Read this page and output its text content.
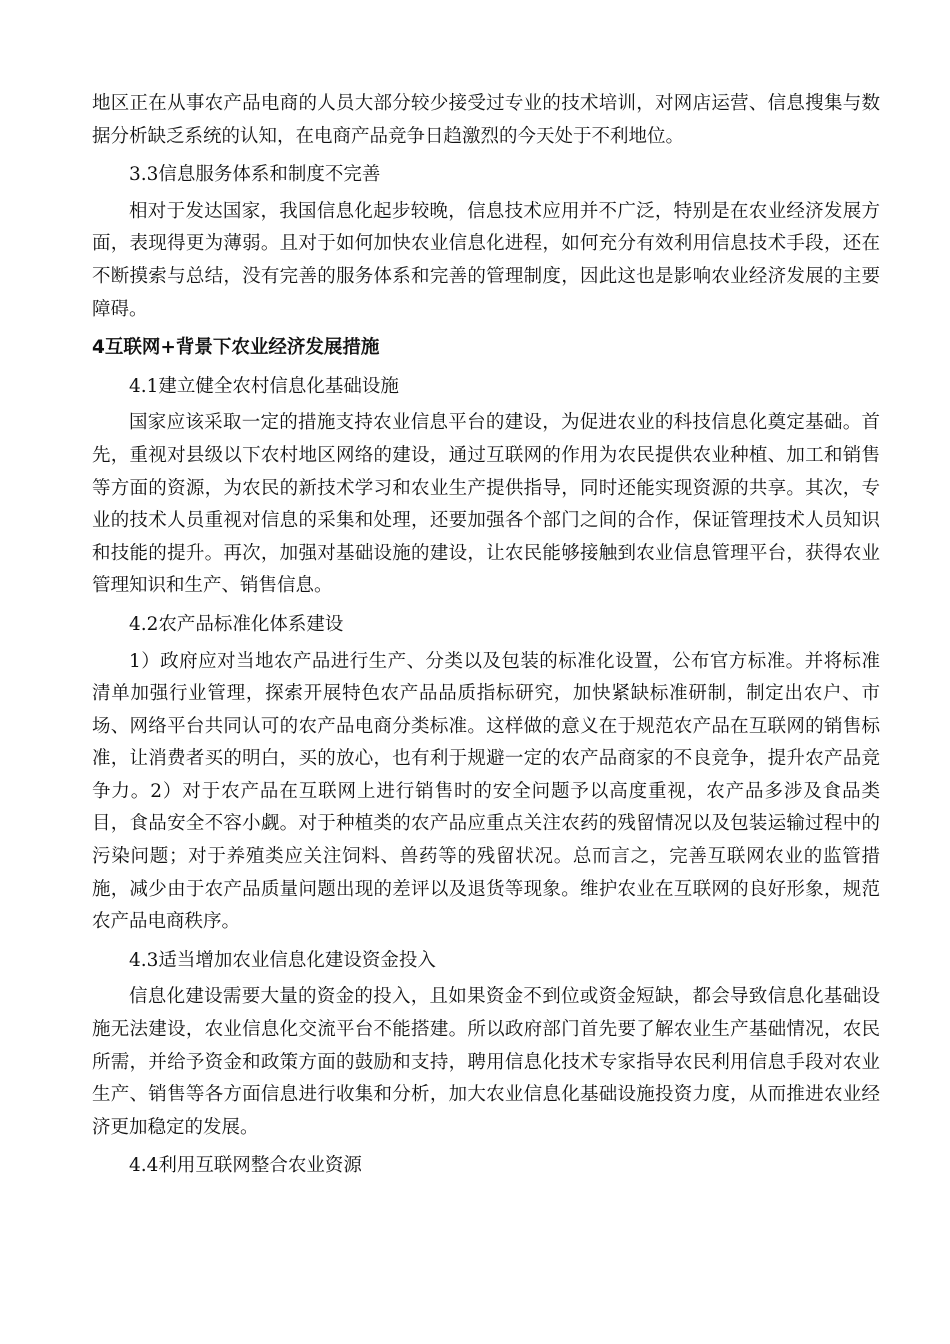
地区正在从事农产品电商的人员大部分较少接受过专业的技术培训，对网店运营、信息搜集与数据分析缺乏系统的认知，在电商产品竞争日趋激烈的今天处于不利地位。

3.3信息服务体系和制度不完善

相对于发达国家，我国信息化起步较晚，信息技术应用并不广泛，特别是在农业经济发展方面，表现得更为薄弱。且对于如何加快农业信息化进程，如何充分有效利用信息技术手段，还在不断摸索与总结，没有完善的服务体系和完善的管理制度，因此这也是影响农业经济发展的主要障碍。

4互联网+背景下农业经济发展措施
4.1建立健全农村信息化基础设施

国家应该采取一定的措施支持农业信息平台的建设，为促进农业的科技信息化奠定基础。首先，重视对县级以下农村地区网络的建设，通过互联网的作用为农民提供农业种植、加工和销售等方面的资源，为农民的新技术学习和农业生产提供指导，同时还能实现资源的共享。其次，专业的技术人员重视对信息的采集和处理，还要加强各个部门之间的合作，保证管理技术人员知识和技能的提升。再次，加强对基础设施的建设，让农民能够接触到农业信息管理平台，获得农业管理知识和生产、销售信息。

4.2农产品标准化体系建设

1）政府应对当地农产品进行生产、分类以及包装的标准化设置，公布官方标准。并将标准清单加强行业管理，探索开展特色农产品品质指标研究，加快紧缺标准研制，制定出农户、市场、网络平台共同认可的农产品电商分类标准。这样做的意义在于规范农产品在互联网的销售标准，让消费者买的明白，买的放心，也有利于规避一定的农产品商家的不良竞争，提升农产品竞争力。2）对于农产品在互联网上进行销售时的安全问题予以高度重视，农产品多涉及食品类目，食品安全不容小觑。对于种植类的农产品应重点关注农药的残留情况以及包装运输过程中的污染问题；对于养殖类应关注饲料、兽药等的残留状况。总而言之，完善互联网农业的监管措施，减少由于农产品质量问题出现的差评以及退货等现象。维护农业在互联网的良好形象，规范农产品电商秩序。

4.3适当增加农业信息化建设资金投入

信息化建设需要大量的资金的投入，且如果资金不到位或资金短缺，都会导致信息化基础设施无法建设，农业信息化交流平台不能搭建。所以政府部门首先要了解农业生产基础情况，农民所需，并给予资金和政策方面的鼓励和支持，聘用信息化技术专家指导农民利用信息手段对农业生产、销售等各方面信息进行收集和分析，加大农业信息化基础设施投资力度，从而推进农业经济更加稳定的发展。

4.4利用互联网整合农业资源
